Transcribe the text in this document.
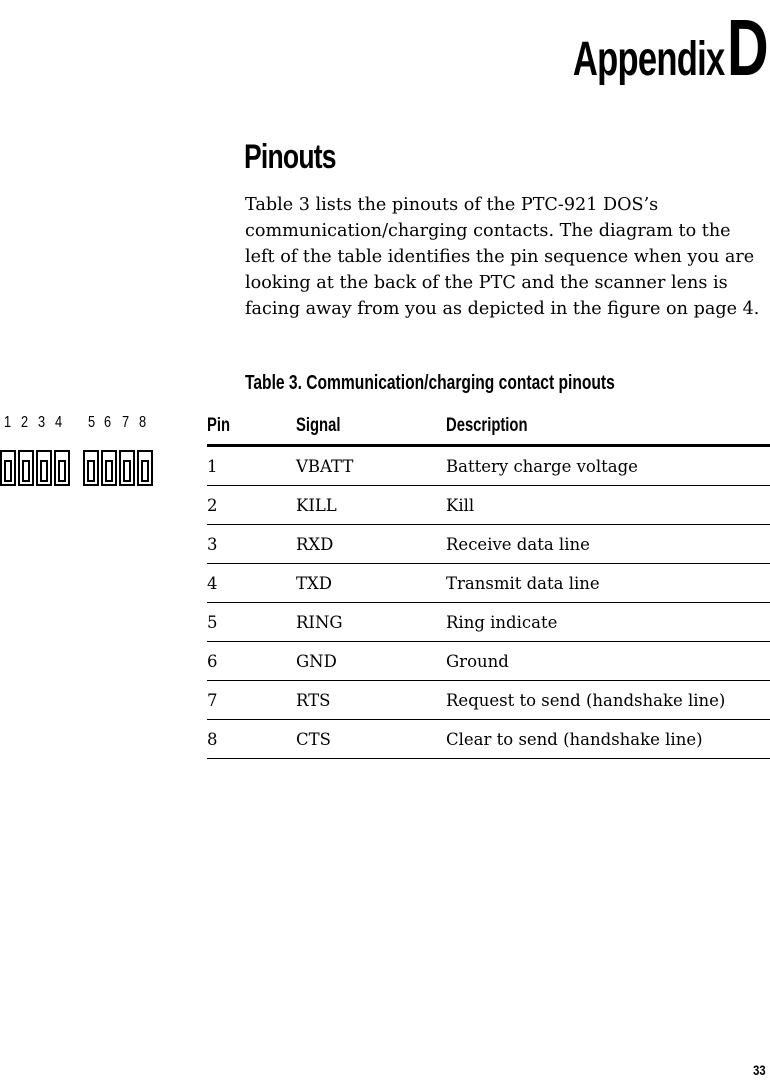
Appendix D
Pinouts

Table 3 lists the pinouts of the PTC-921 DOS’s communication/charging contacts. The diagram to the left of the table identifies the pin sequence when you are looking at the back of the PTC and the scanner lens is facing away from you as depicted in the figure on page 4.

Table 3. Communication/charging contact pinouts
1 2 3 4 5 6 7 8	Pin	Signal	Description
1	VBATT	Battery charge voltage
2	KILL	Kill
3	RXD	Receive data line
4	TXD	Transmit data line
5	RING	Ring indicate
6	GND	Ground
7	RTS	Request to send (handshake line)
8	CTS	Clear to send (handshake line)
33
